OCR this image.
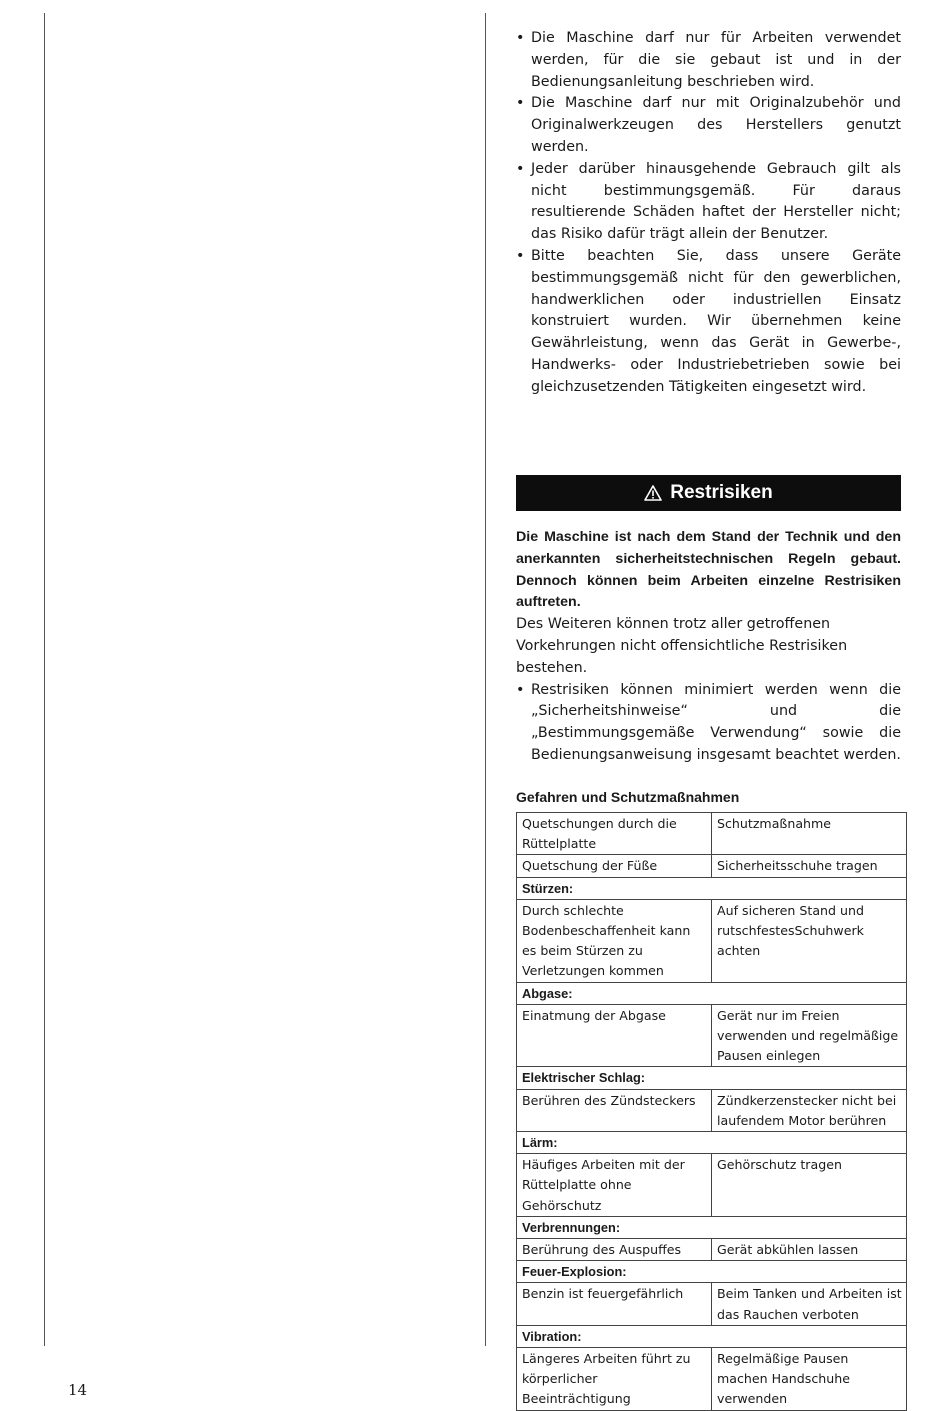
• Die Maschine darf nur für Arbeiten verwendet werden, für die sie gebaut ist und in der Bedienungsanleitung beschrieben wird.
• Die Maschine darf nur mit Originalzubehör und Originalwerkzeugen des Herstellers genutzt werden.
• Jeder darüber hinausgehende Gebrauch gilt als nicht bestimmungsgemäß. Für daraus resultierende Schäden haftet der Hersteller nicht; das Risiko dafür trägt allein der Benutzer.
• Bitte beachten Sie, dass unsere Geräte bestimmungsgemäß nicht für den gewerblichen, handwerklichen oder industriellen Einsatz konstruiert wurden. Wir übernehmen keine Gewährleistung, wenn das Gerät in Gewerbe-, Handwerks- oder Industriebetrieben sowie bei gleichzusetzenden Tätigkeiten eingesetzt wird.
Restrisiken

Die Maschine ist nach dem Stand der Technik und den anerkannten sicherheitstechnischen Regeln gebaut. Dennoch können beim Arbeiten einzelne Restrisiken auftreten.

Des Weiteren können trotz aller getroffenen Vorkehrungen nicht offensichtliche Restrisiken bestehen.

• Restrisiken können minimiert werden wenn die „Sicherheitshinweise“ und die „Bestimmungsgemäße Verwendung“ sowie die Bedienungsanweisung insgesamt beachtet werden.

Gefahren und Schutzmaßnahmen

Quetschungen durch die Rüttelplatte	Schutzmaßnahme
Quetschung der Füße	Sicherheitsschuhe tragen
Stürzen:	
Durch schlechte Bodenbeschaffenheit kann es beim Stürzen zu Verletzungen kommen	Auf sicheren Stand und rutschfestesSchuhwerk achten
Abgase:	
Einatmung der Abgase	Gerät nur im Freien verwenden und regelmäßige Pausen einlegen
Elektrischer Schlag:	
Berühren des Zündsteckers	Zündkerzenstecker nicht bei laufendem Motor berühren
Lärm:	
Häufiges Arbeiten mit der Rüttelplatte ohne Gehörschutz	Gehörschutz tragen
Verbrennungen:	
Berührung des Auspuffes	Gerät abkühlen lassen
Feuer-Explosion:	
Benzin ist feuergefährlich	Beim Tanken und Arbeiten ist das Rauchen verboten
Vibration:	
Längeres Arbeiten führt zu körperlicher Beeinträchtigung	Regelmäßige Pausen machen Handschuhe verwenden
14
